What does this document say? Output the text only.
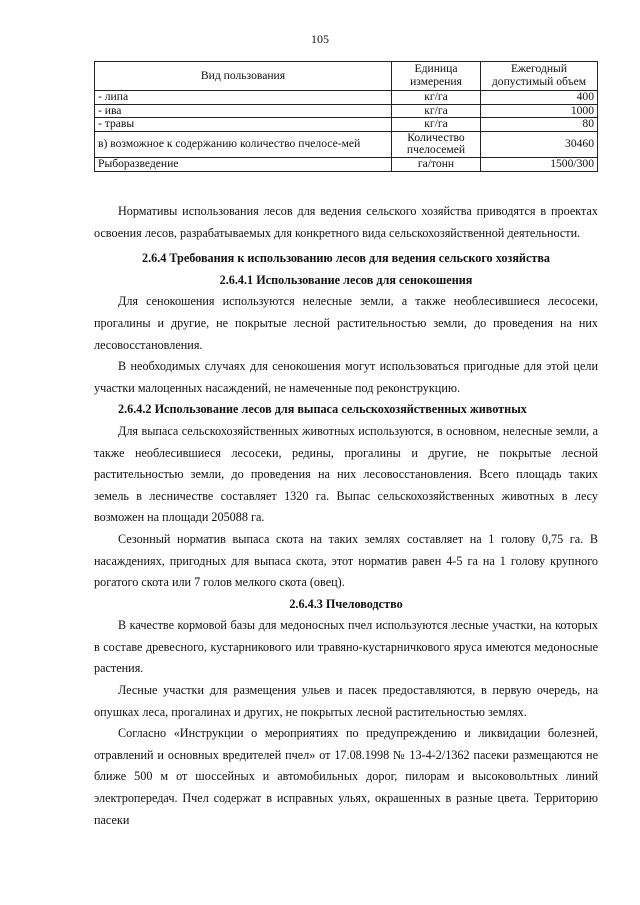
105
Вид пользования	Единица измерения	Ежегодный допустимый объем
- липа	кг/га	400
- ива	кг/га	1000
- травы	кг/га	80
в) возможное к содержанию количество пчелосе-мей	Количество пчелосемей	30460
Рыборазведение	га/тонн	1500/300

Нормативы использования лесов для ведения сельского хозяйства приводятся в проектах освоения лесов, разрабатываемых для конкретного вида сельскохозяйственной деятельности.

2.6.4 Требования к использованию лесов для ведения сельского хозяйства
2.6.4.1 Использование лесов для сенокошения

Для сенокошения используются нелесные земли, а также необлесившиеся лесосеки, прогалины и другие, не покрытые лесной растительностью земли, до проведения на них лесовосстановления.

В необходимых случаях для сенокошения могут использоваться пригодные для этой цели участки малоценных насаждений, не намеченные под реконструкцию.

2.6.4.2 Использование лесов для выпаса сельскохозяйственных животных

Для выпаса сельскохозяйственных животных используются, в основном, нелесные земли, а также необлесившиеся лесосеки, редины, прогалины и другие, не покрытые лесной растительностью земли, до проведения на них лесовосстановления. Всего площадь таких земель в лесничестве составляет 1320 га. Выпас сельскохозяйственных животных в лесу возможен на площади 205088 га.

Сезонный норматив выпаса скота на таких землях составляет на 1 голову 0,75 га. В насаждениях, пригодных для выпаса скота, этот норматив равен 4-5 га на 1 голову крупного рогатого скота или 7 голов мелкого скота (овец).

2.6.4.3 Пчеловодство

В качестве кормовой базы для медоносных пчел используются лесные участки, на которых в составе древесного, кустарникового или травяно-кустарничкового яруса имеются медоносные растения.

Лесные участки для размещения ульев и пасек предоставляются, в первую очередь, на опушках леса, прогалинах и других, не покрытых лесной растительностью землях.

Согласно «Инструкции о мероприятиях по предупреждению и ликвидации болезней, отравлений и основных вредителей пчел» от 17.08.1998 № 13-4-2/1362 пасеки размещаются не ближе 500 м от шоссейных и автомобильных дорог, пилорам и высоковольтных линий электропередач. Пчел содержат в исправных ульях, окрашенных в разные цвета. Территорию пасеки
